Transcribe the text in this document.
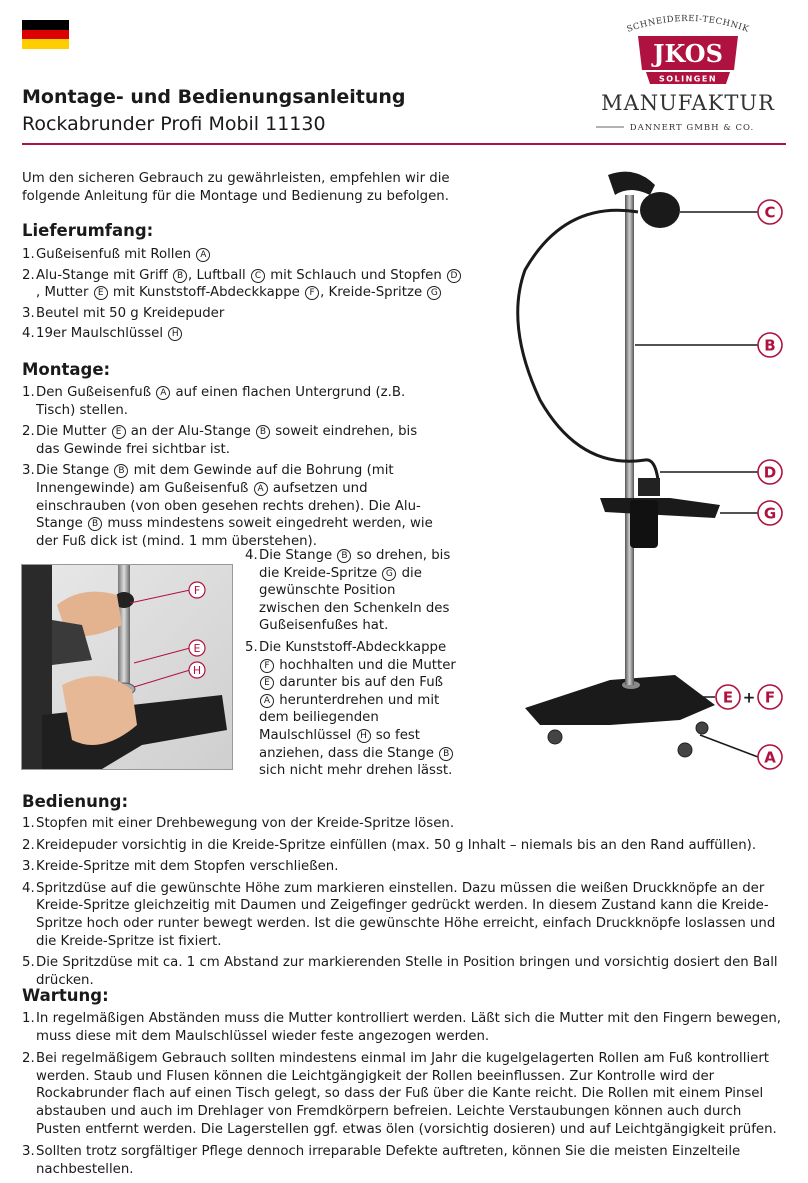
SCHNEIDEREI-TECHNIK
JKOS
SOLINGEN
MANUFAKTUR
DANNERT GMBH & CO.
Montage- und Bedienungsanleitung
Rockabrunder Profi Mobil 11130

Um den sicheren Gebrauch zu gewährleisten, empfehlen wir die folgende Anleitung für die Montage und Bedienung zu befolgen.

Lieferumfang:
1. Gußeisenfuß mit Rollen A
2. Alu-Stange mit Griff B , Luftball C mit Schlauch und Stopfen D, Mutter E mit Kunststoff-Abdeckkappe F , Kreide-Spritze G
3. Beutel mit 50 g Kreidepuder
4. 19er Maulschlüssel H
Montage:
1. Den Gußeisenfuß A auf einen flachen Untergrund (z.B. Tisch) stellen.
2. Die Mutter E an der Alu-Stange B soweit eindrehen, bis das Gewinde frei sichtbar ist.
3. Die Stange B mit dem Gewinde auf die Bohrung (mit Innengewinde) am Gußeisenfuß A aufsetzen und einschrauben (von oben gesehen rechts drehen). Die Alu-Stange B muss mindestens soweit eingedreht werden, wie der Fuß dick ist (mind. 1 mm überstehen).
4. Die Stange B so drehen, bis die Kreide-Spritze G die gewünschte Position zwischen den Schenkeln des Gußeisenfußes hat.
5. Die Kunststoff-Abdeckkappe F hochhalten und die Mutter E darunter bis auf den Fuß A herunterdrehen und mit dem beiliegenden Maulschlüssel H so fest anziehen, dass die Stange B sich nicht mehr drehen lässt.
F
E
H
C
B
D
G
E + F
A
Bedienung:
1. Stopfen mit einer Drehbewegung von der Kreide-Spritze lösen.
2. Kreidepuder vorsichtig in die Kreide-Spritze einfüllen (max. 50 g Inhalt – niemals bis an den Rand auffüllen).
3. Kreide-Spritze mit dem Stopfen verschließen.
4. Spritzdüse auf die gewünschte Höhe zum markieren einstellen. Dazu müssen die weißen Druckknöpfe an der Kreide-Spritze gleichzeitig mit Daumen und Zeigefinger gedrückt werden. In diesem Zustand kann die Kreide-Spritze hoch oder runter bewegt werden. Ist die gewünschte Höhe erreicht, einfach Druckknöpfe loslassen und die Kreide-Spritze ist fixiert.
5. Die Spritzdüse mit ca. 1 cm Abstand zur markierenden Stelle in Position bringen und vorsichtig dosiert den Ball drücken.
Wartung:
1. In regelmäßigen Abständen muss die Mutter kontrolliert werden. Läßt sich die Mutter mit den Fingern bewegen, muss diese mit dem Maulschlüssel wieder feste angezogen werden.
2. Bei regelmäßigem Gebrauch sollten mindestens einmal im Jahr die kugelgelagerten Rollen am Fuß kontrolliert werden. Staub und Flusen können die Leichtgängigkeit der Rollen beeinflussen. Zur Kontrolle wird der Rockabrunder flach auf einen Tisch gelegt, so dass der Fuß über die Kante reicht. Die Rollen mit einem Pinsel abstauben und auch im Drehlager von Fremdkörpern befreien. Leichte Verstaubungen können auch durch Pusten entfernt werden. Die Lagerstellen ggf. etwas ölen (vorsichtig dosieren) und auf Leichtgängigkeit prüfen.
3. Sollten trotz sorgfältiger Pflege dennoch irreparable Defekte auftreten, können Sie die meisten Einzelteile nachbestellen.
